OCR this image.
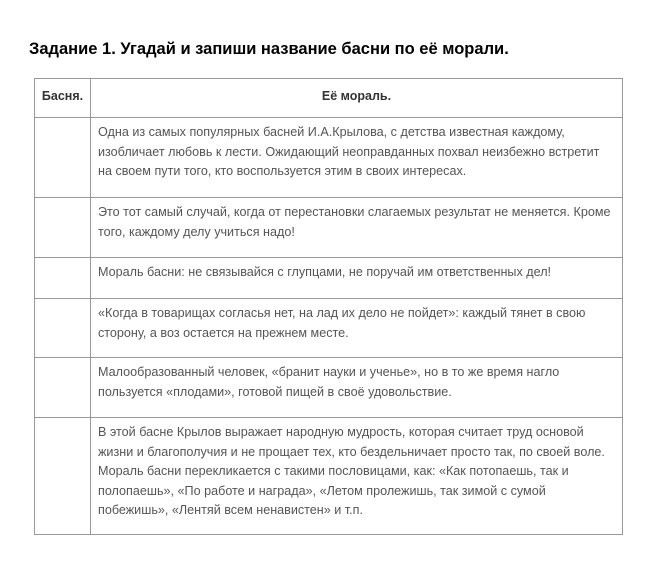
Задание 1. Угадай и запиши название басни по её морали.
Басня.	Её мораль.
	Одна из самых популярных басней И.А.Крылова, с детства известная каждому, изобличает любовь к лести. Ожидающий неоправданных похвал неизбежно встретит на своем пути того, кто воспользуется этим в своих интересах.
	Это тот самый случай, когда от перестановки слагаемых результат не меняется. Кроме того, каждому делу учиться надо!
	Мораль басни: не связывайся с глупцами, не поручай им ответственных дел!
	«Когда в товарищах согласья нет, на лад их дело не пойдет»: каждый тянет в свою сторону, а воз остается на прежнем месте.
	Малообразованный человек, «бранит науки и ученье», но в то же время нагло пользуется «плодами», готовой пищей в своё удовольствие.
	В этой басне Крылов выражает народную мудрость, которая считает труд основой жизни и благополучия и не прощает тех, кто бездельничает просто так, по своей воле. Мораль басни перекликается с такими пословицами, как: «Как потопаешь, так и полопаешь», «По работе и награда», «Летом пролежишь, так зимой с сумой побежишь», «Лентяй всем ненавистен» и т.п.
